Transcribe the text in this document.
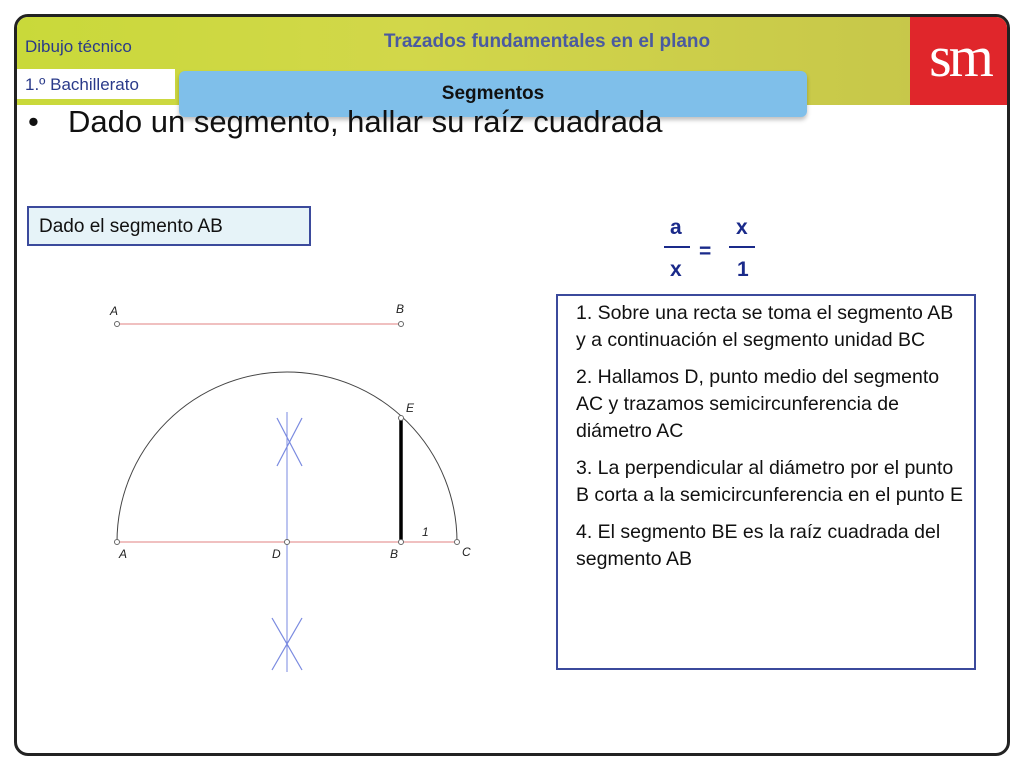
Dibujo técnico
1.º Bachillerato
Trazados fundamentales en el plano	sm
Segmentos
• Dado un segmento, hallar su raíz cuadrada
Dado el segmento AB	a
x
=
x
1
1. Sobre una recta se toma el segmento AB y a continuación el segmento unidad BC
2. Hallamos D, punto medio del segmento AC y trazamos semicircunferencia de diámetro AC
3. La perpendicular al diámetro por el punto B corta a la semicircunferencia en el punto E
4. El segmento BE es la raíz cuadrada del segmento AB
A	B
A	D	B	C
E
1
